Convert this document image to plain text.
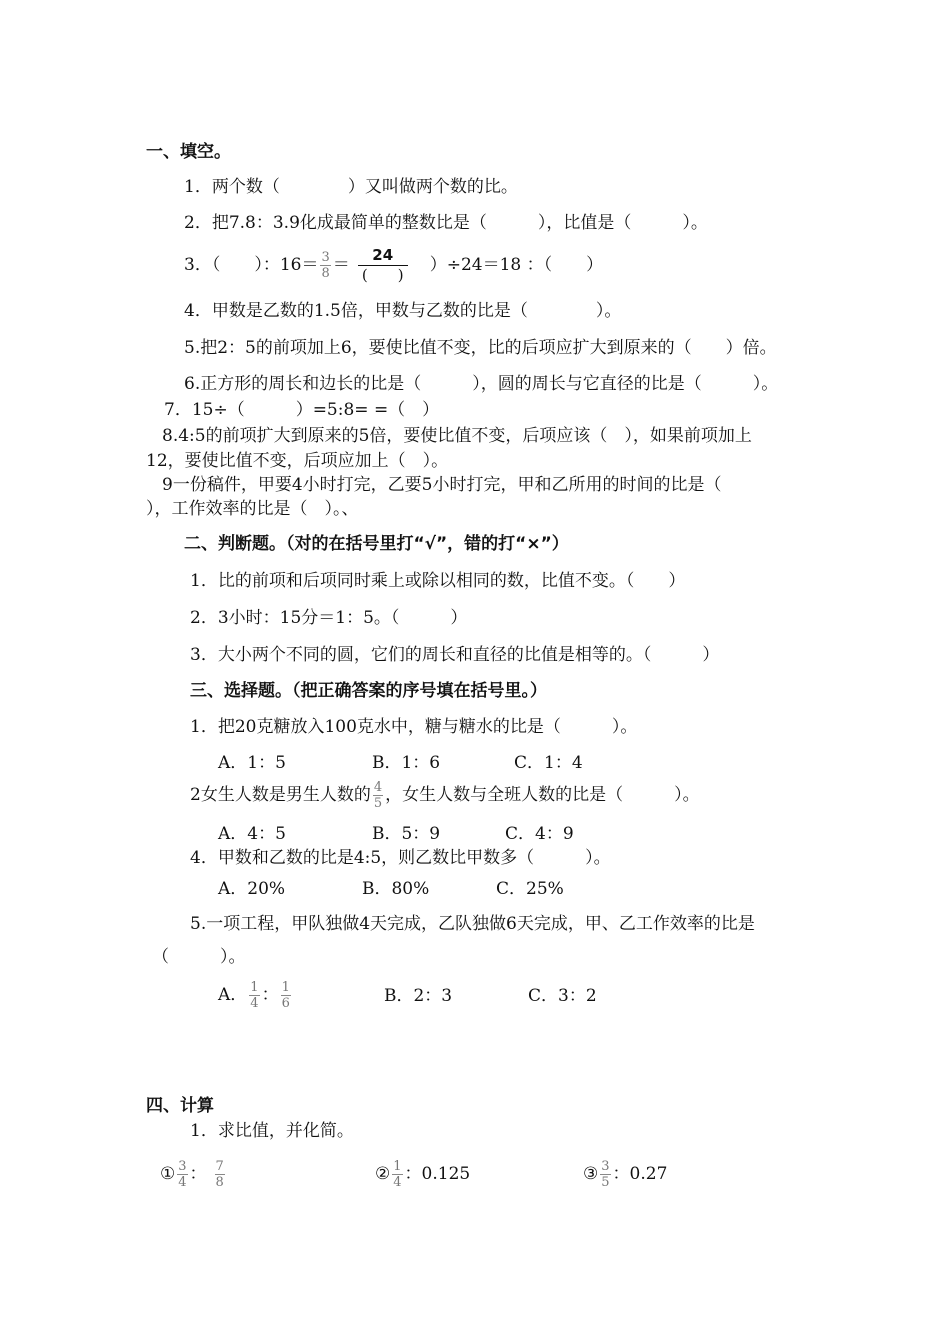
一、填空。
1．两个数（　　　　）又叫做两个数的比。
2．把7.8：3.9化成最简单的整数比是（　　　），比值是（　　　）。
3．（　　）：$16= \frac{3}{8} = 24$
(　　) ）÷24＝18 ：（　　）
4．甲数是乙数的1.5倍，甲数与乙数的比是（　　　　）。
5.把2：5的前项加上6，要使比值不变，比的后项应扩大到原来的（　　）倍。
6.正方形的周长和边长的比是（　　　），圆的周长与它直径的比是（　　　）。
7．15÷（　　　）=5:8= =（　）
8.4:5的前项扩大到原来的5倍，要使比值不变，后项应该（　），如果前项加上
12，要使比值不变，后项应加上（　）。
9一份稿件，甲要4小时打完，乙要5小时打完，甲和乙所用的时间的比是（
），工作效率的比是（　）。、
二、判断题。（对的在括号里打“√”，错的打“×”）
1．比的前项和后项同时乘上或除以相同的数，比值不变。（　　）
2．3小时：15分＝1：5。（　　　）
3．大小两个不同的圆，它们的周长和直径的比值是相等的。（　　　）
三、选择题。（把正确答案的序号填在括号里。）
1．把20克糖放入100克水中，糖与糖水的比是（　　　）。
A．1：5	B．1：6	C．1：4
2女生人数是男生人数的 $\frac{4}{5}$ ，女生人数与全班人数的比是（　　　）。
A．4：5	B．5：9	C．4：9
4．甲数和乙数的比是4:5，则乙数比甲数多（　　　）。
A．20%	B．80%	C．25%
5.一项工程，甲队独做4天完成，乙队独做6天完成，甲、乙工作效率的比是
（　　　）。
A． $\frac{1}{4}$ ： $\frac{1}{6}$	B．2：3	C．3：2
四、计算
1．求比值，并化简。
① $\frac{3}{4}$ ： $\frac{7}{8}$	② $\frac{1}{4}$ ：0.125	③ $\frac{3}{5}$ ：0.27
